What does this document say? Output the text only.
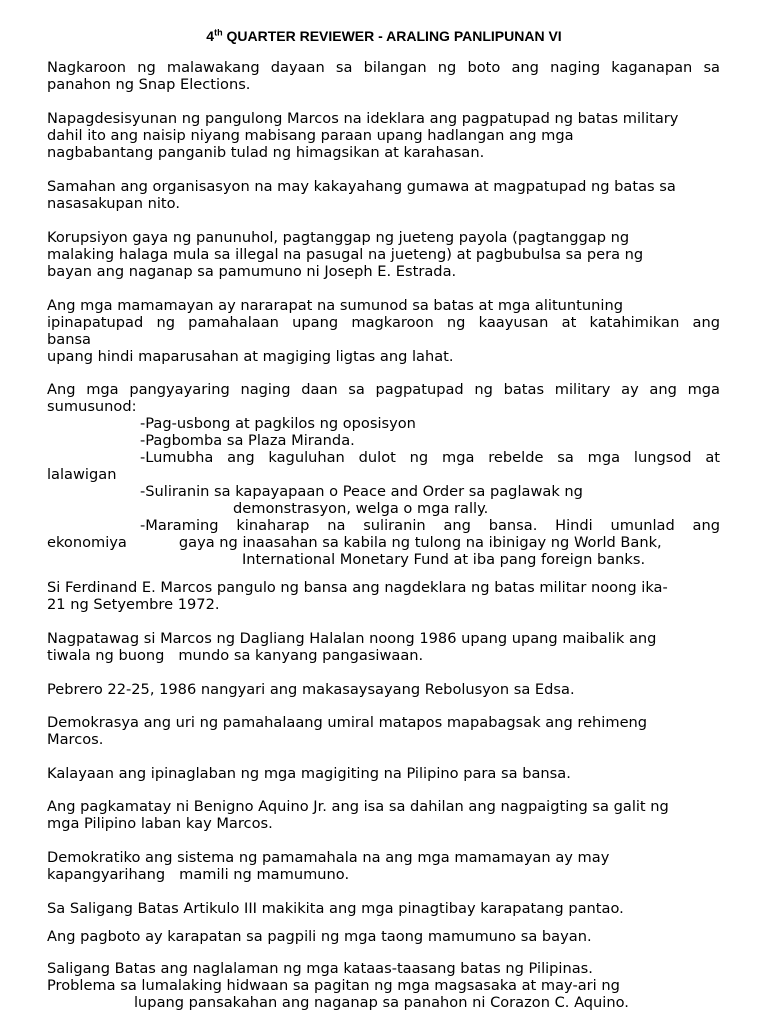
4th QUARTER REVIEWER - ARALING PANLIPUNAN VI
Nagkaroon ng malawakang dayaan sa bilangan ng boto ang naging kaganapan sa
panahon ng Snap Elections.
Napagdesisyunan ng pangulong Marcos na ideklara ang pagpatupad ng batas military
dahil ito ang naisip niyang mabisang paraan upang hadlangan ang mga
nagbabantang panganib tulad ng himagsikan at karahasan.
Samahan ang organisasyon na may kakayahang gumawa at magpatupad ng batas sa
nasasakupan nito.
Korupsiyon gaya ng panunuhol, pagtanggap ng jueteng payola (pagtanggap ng
malaking halaga mula sa illegal na pasugal na jueteng) at pagbubulsa sa pera ng
bayan ang naganap sa pamumuno ni Joseph E. Estrada.
Ang mga mamamayan ay nararapat na sumunod sa batas at mga alituntuning
ipinapatupad ng pamahalaan upang magkaroon ng kaayusan at katahimikan ang
bansa
upang hindi maparusahan at magiging ligtas ang lahat.
Ang mga pangyayaring naging daan sa pagpatupad ng batas military ay ang mga
sumusunod:
-Pag-usbong at pagkilos ng oposisyon
-Pagbomba sa Plaza Miranda.
-Lumubha ang kaguluhan dulot ng mga rebelde sa mga lungsod at
lalawigan
-Suliranin sa kapayapaan o Peace and Order sa paglawak ng
demonstrasyon, welga o mga rally.
-Maraming kinaharap na suliranin ang bansa. Hindi umunlad ang
ekonomiya	gaya ng inaasahan sa kabila ng tulong na ibinigay ng World Bank,
International Monetary Fund at iba pang foreign banks.
Si Ferdinand E. Marcos pangulo ng bansa ang nagdeklara ng batas militar noong ika-
21 ng Setyembre 1972.
Nagpatawag si Marcos ng Dagliang Halalan noong 1986 upang upang maibalik ang
tiwala ng buong   mundo sa kanyang pangasiwaan.
Pebrero 22-25, 1986 nangyari ang makasaysayang Rebolusyon sa Edsa.
Demokrasya ang uri ng pamahalaang umiral matapos mapabagsak ang rehimeng
Marcos.
Kalayaan ang ipinaglaban ng mga magigiting na Pilipino para sa bansa.
Ang pagkamatay ni Benigno Aquino Jr. ang isa sa dahilan ang nagpaigting sa galit ng
mga Pilipino laban kay Marcos.
Demokratiko ang sistema ng pamamahala na ang mga mamamayan ay may
kapangyarihang   mamili ng mamumuno.
Sa Saligang Batas Artikulo III makikita ang mga pinagtibay karapatang pantao.
Ang pagboto ay karapatan sa pagpili ng mga taong mamumuno sa bayan.
Saligang Batas ang naglalaman ng mga kataas-taasang batas ng Pilipinas.
Problema sa lumalaking hidwaan sa pagitan ng mga magsasaka at may-ari ng
lupang pansakahan ang naganap sa panahon ni Corazon C. Aquino.
